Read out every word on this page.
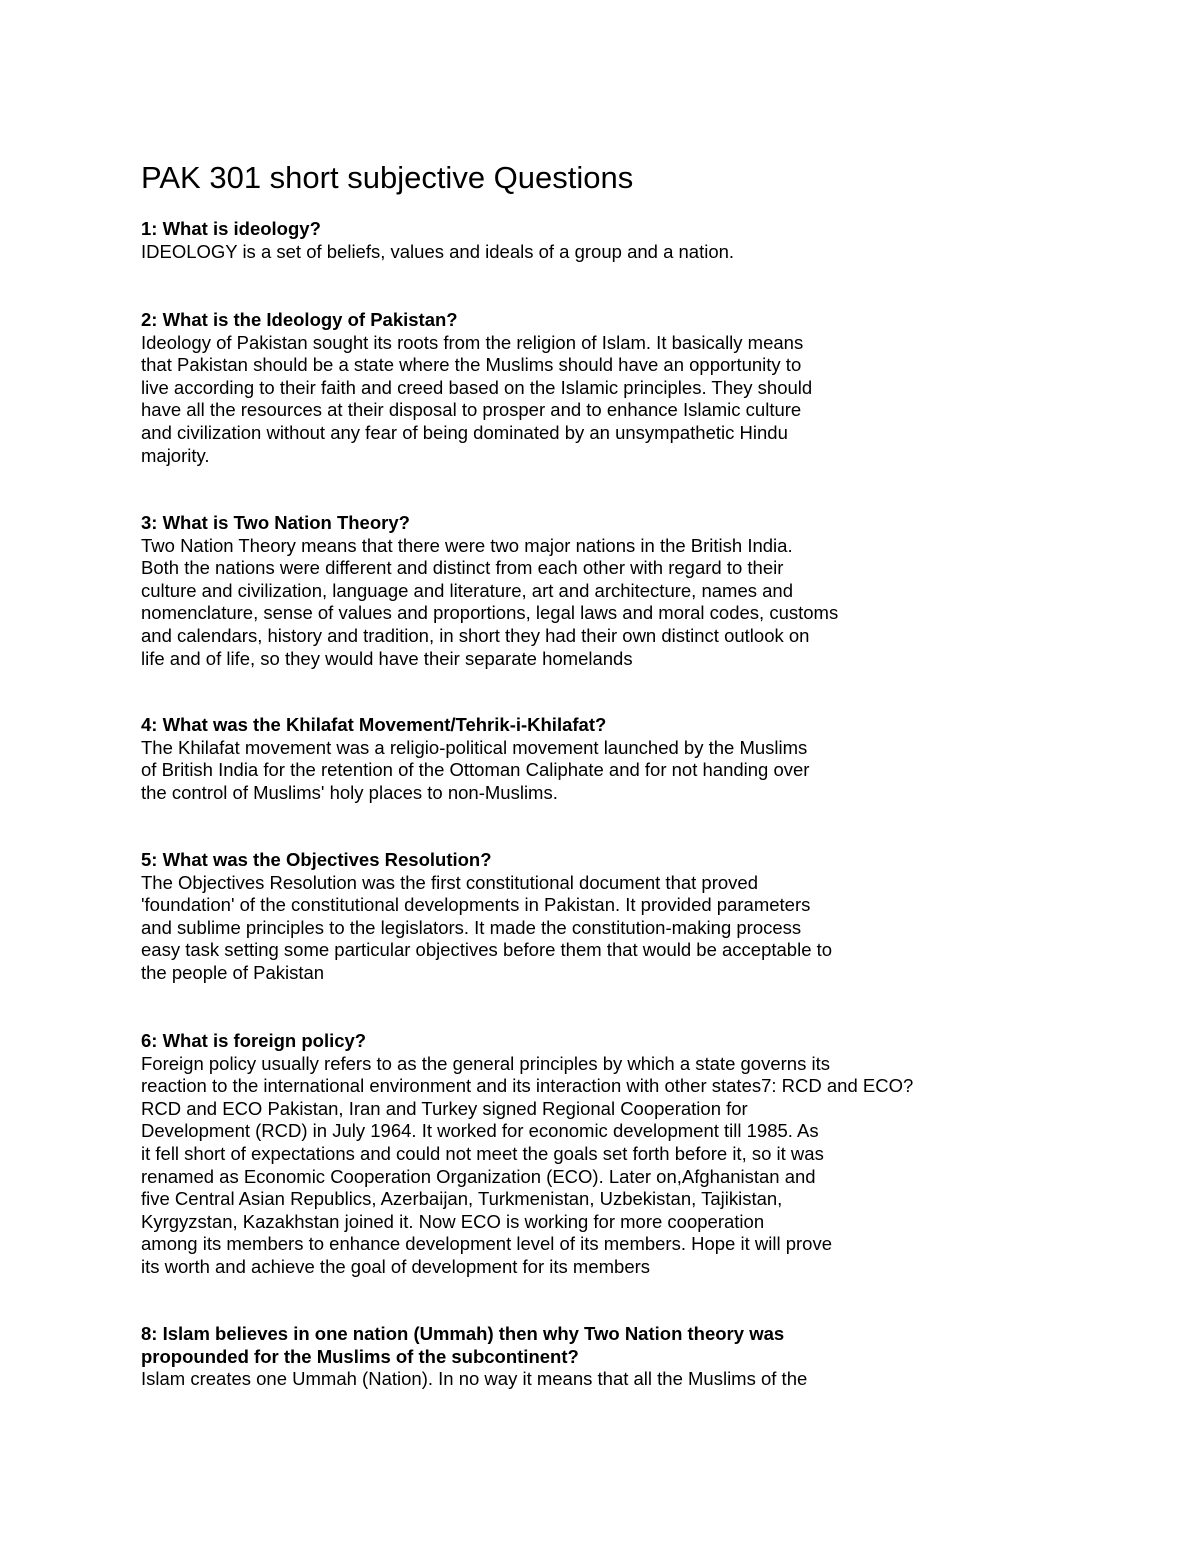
PAK 301 short subjective Questions
1: What is ideology?
IDEOLOGY is a set of beliefs, values and ideals of a group and a nation.
2: What is the Ideology of Pakistan?
Ideology of Pakistan sought its roots from the religion of Islam. It basically means
that Pakistan should be a state where the Muslims should have an opportunity to
live according to their faith and creed based on the Islamic principles. They should
have all the resources at their disposal to prosper and to enhance Islamic culture
and civilization without any fear of being dominated by an unsympathetic Hindu
majority.
3: What is Two Nation Theory?
Two Nation Theory means that there were two major nations in the British India.
Both the nations were different and distinct from each other with regard to their
culture and civilization, language and literature, art and architecture, names and
nomenclature, sense of values and proportions, legal laws and moral codes, customs
and calendars, history and tradition, in short they had their own distinct outlook on
life and of life, so they would have their separate homelands
4: What was the Khilafat Movement/Tehrik-i-Khilafat?
The Khilafat movement was a religio-political movement launched by the Muslims
of British India for the retention of the Ottoman Caliphate and for not handing over
the control of Muslims' holy places to non-Muslims.
5: What was the Objectives Resolution?
The Objectives Resolution was the first constitutional document that proved
'foundation' of the constitutional developments in Pakistan. It provided parameters
and sublime principles to the legislators. It made the constitution-making process
easy task setting some particular objectives before them that would be acceptable to
the people of Pakistan
6: What is foreign policy?
Foreign policy usually refers to as the general principles by which a state governs its
reaction to the international environment and its interaction with other states7: RCD and ECO?
RCD and ECO Pakistan, Iran and Turkey signed Regional Cooperation for
Development (RCD) in July 1964. It worked for economic development till 1985. As
it fell short of expectations and could not meet the goals set forth before it, so it was
renamed as Economic Cooperation Organization (ECO). Later on,Afghanistan and
five Central Asian Republics, Azerbaijan, Turkmenistan, Uzbekistan, Tajikistan,
Kyrgyzstan, Kazakhstan joined it. Now ECO is working for more cooperation
among its members to enhance development level of its members. Hope it will prove
its worth and achieve the goal of development for its members
8: Islam believes in one nation (Ummah) then why Two Nation theory was
propounded for the Muslims of the subcontinent?
Islam creates one Ummah (Nation). In no way it means that all the Muslims of the
